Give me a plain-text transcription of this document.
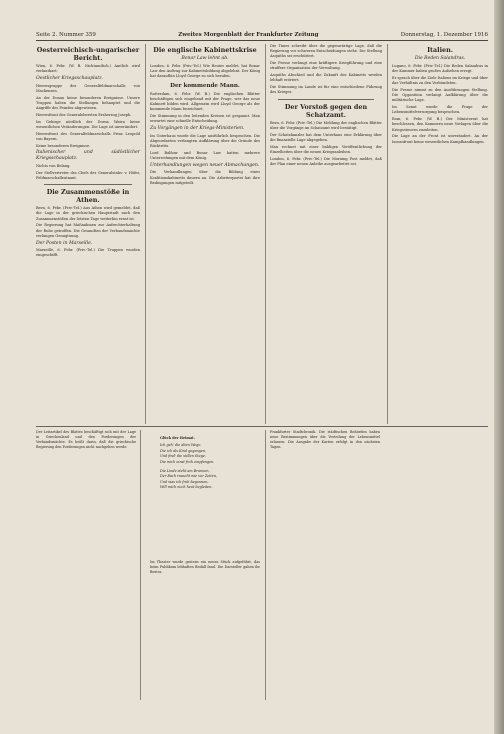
Seite 2. Nummer 359	Zweites Morgenblatt der Frankfurter Zeitung	Donnerstag, 1. Dezember 1916
Oesterreichisch-ungarischer Bericht.

Wien, 6. Febr. (W. B. Nichtamtlich.) Amtlich wird verlautbart:

Oestlicher Kriegsschauplatz.

Heeresgruppe des Generalfeldmarschalls von Mackensen.

An der Donau keine besonderen Ereignisse. Unsere Truppen haben die Stellungen behauptet und die Angriffe des Feindes abgewiesen.

Heeresfront des Generalobersten Erzherzog Joseph.

Im Gebirge nördlich der Dorna Watra keine wesentlichen Veränderungen. Die Lage ist unverändert.

Heeresfront des Generalfeldmarschalls Prinz Leopold von Bayern.

Keine besonderen Ereignisse.

Italienischer und südöstlicher Kriegsschauplatz.

Nichts von Belang.

Der Stellvertreter des Chefs des Generalstabs: v. Höfer, Feldmarschalleutnant.

Die Zusammenstöße in Athen.

Bern, 6. Febr. (Priv.-Tel.) Aus Athen wird gemeldet, daß die Lage in der griechischen Hauptstadt nach den Zusammenstößen der letzten Tage weiterhin ernst ist.

Die Regierung hat Maßnahmen zur Aufrechterhaltung der Ruhe getroffen. Die Gesandten der Verbandsmächte verlangen Genugtuung.

Der Posten in Marseille.

Marseille, 6. Febr. (Priv.-Tel.) Die Truppen wurden eingeschifft.

Die englische Kabinettskrise
Bonar Law lehnt ab.

London, 6. Febr. (Priv.-Tel.) Wie Reuter meldet, hat Bonar Law den Auftrag zur Kabinettsbildung abgelehnt. Der König hat daraufhin Lloyd George zu sich berufen.

Der kommende Mann.

Rotterdam, 6. Febr. (W. B.) Die englischen Blätter beschäftigen sich eingehend mit der Frage, wer das neue Kabinett bilden wird. Allgemein wird Lloyd George als der kommende Mann bezeichnet.

Die Stimmung in den leitenden Kreisen ist gespannt. Man erwartet eine schnelle Entscheidung.

Zu Vorgängen in der Kriegs-Ministerien.

Im Unterhaus wurde die Lage ausführlich besprochen. Die Abgeordneten verlangten Aufklärung über die Gründe des Rücktritts.

Lord Balfour und Bonar Law hatten mehrere Unterredungen mit dem König.

Unterhandlungen wegen neuer Abmachungen.

Die Verhandlungen über die Bildung eines Koalitionskabinetts dauern an. Die Arbeiterpartei hat ihre Bedingungen mitgeteilt.

Die Times schreibt über die gegenwärtige Lage, daß die Regierung vor schweren Entscheidungen stehe. Die Stellung Asquiths sei erschüttert.

Die Presse verlangt eine kräftigere Kriegführung und eine straffere Organisation der Verwaltung.

Asquiths Abschied und die Zukunft des Kabinetts werden lebhaft erörtert.

Die Stimmung im Lande ist für eine entschiedene Führung des Krieges.

Der Vorstoß gegen den Schatzamt.

Bern, 6. Febr. (Priv.-Tel.) Die Meldung der englischen Blätter über die Vorgänge im Schatzamt wird bestätigt.

Der Schatzkanzler hat dem Unterhaus eine Erklärung über die finanzielle Lage abgegeben.

Man rechnet mit einer baldigen Veröffentlichung der Einzelheiten über die neuen Kriegsanleihen.

London, 6. Febr. (Priv.-Tel.) Die Morning Post meldet, daß der Plan einer neuen Anleihe ausgearbeitet sei.

Italien.
Die Reden Salandras.

Lugano, 6. Febr. (Priv.-Tel.) Die Reden Salandras in der Kammer haben großes Aufsehen erregt.

Er sprach über die Ziele Italiens im Kriege und über das Verhältnis zu den Verbündeten.

Die Presse nimmt zu den Ausführungen Stellung. Die Opposition verlangt Aufklärung über die militärische Lage.

Im Senat wurde die Frage der Lebensmittelversorgung besprochen.

Rom, 6. Febr. (W. B.) Der Ministerrat hat beschlossen, den Kammern neue Vorlagen über die Kriegssteuern zuzuleiten.

Die Lage an der Front ist unverändert. An der Isonzofront keine wesentlichen Kampfhandlungen.

Der Leitartikel des Blattes beschäftigt sich mit der Lage in Griechenland und den Forderungen der Verbandsmächte. Es heißt darin, daß die griechische Regierung den Forderungen nicht nachgeben werde.

Glück der Heimat.
Ich geh' die alten Wege,
Die ich als Kind gegangen,
Und find' die stillen Stege,
Die mich einst froh empfangen.
Die Linde steht am Brunnen,
Der Bach rauscht wie vor Zeiten,
Und was ich froh begonnen,
Will mich noch heut begleiten.

Im Theater wurde gestern ein neues Stück aufgeführt, das beim Publikum lebhaften Beifall fand. Die Darsteller gaben ihr Bestes.

Frankfurter Stadtchronik. Die städtischen Behörden haben neue Bestimmungen über die Verteilung der Lebensmittel erlassen. Die Ausgabe der Karten erfolgt in den nächsten Tagen.
